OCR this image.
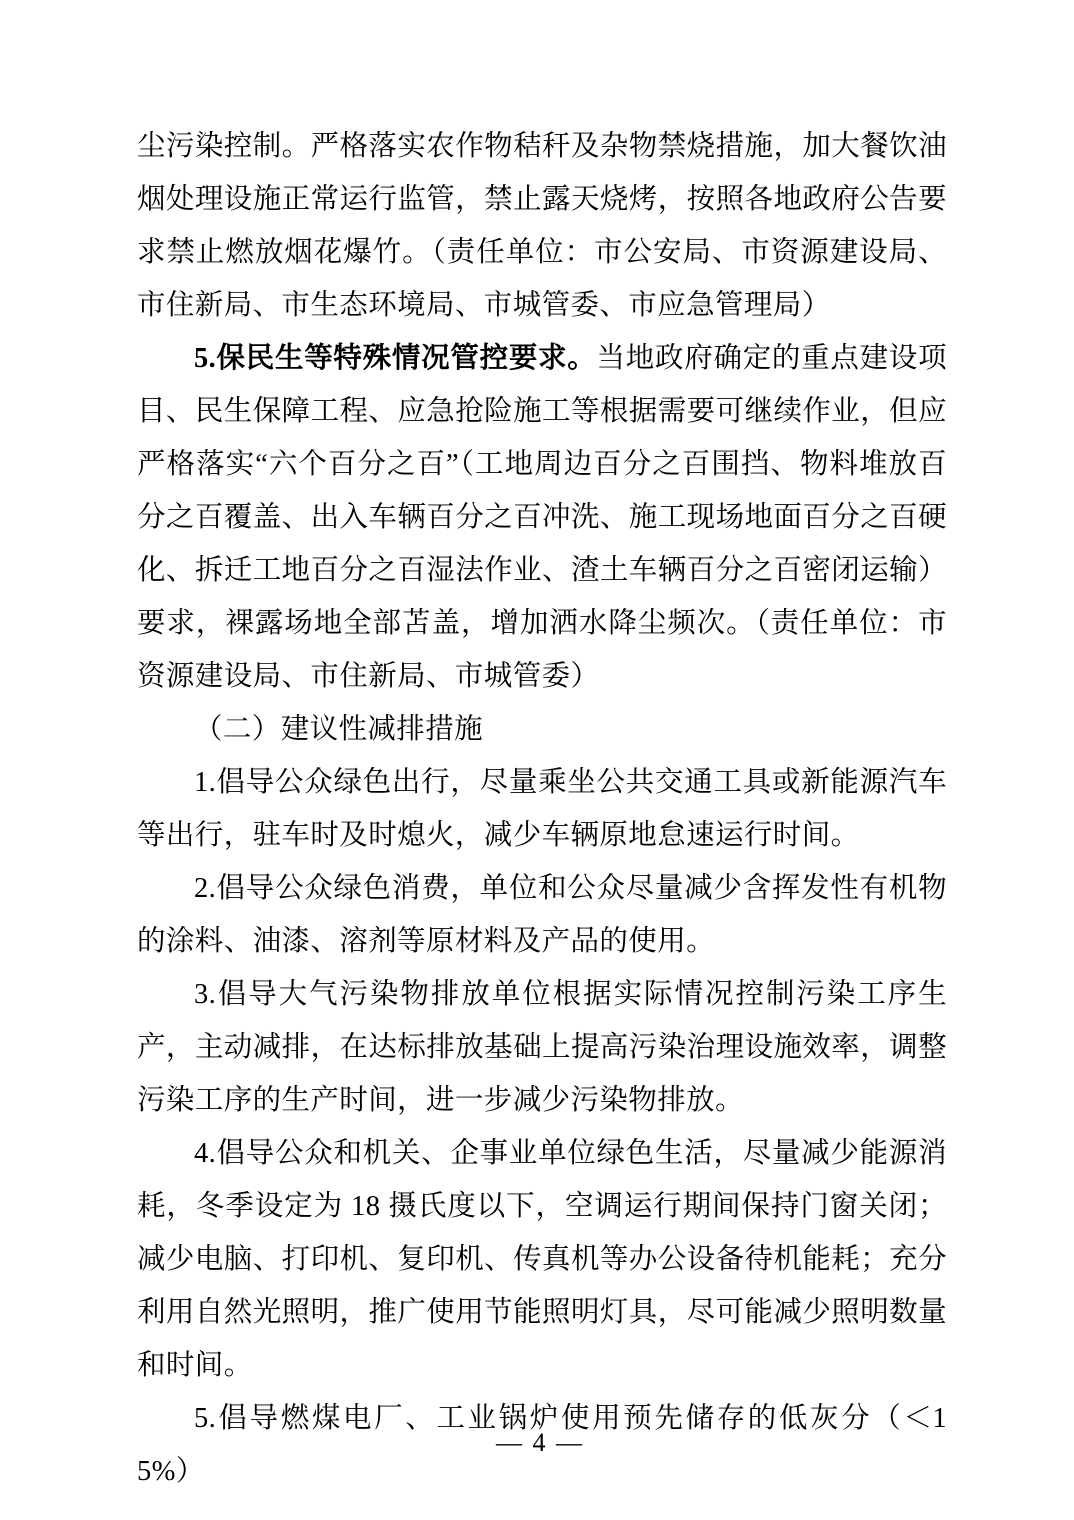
尘污染控制。严格落实农作物秸秆及杂物禁烧措施，加大餐饮油烟处理设施正常运行监管，禁止露天烧烤，按照各地政府公告要求禁止燃放烟花爆竹。（责任单位：市公安局、市资源建设局、市住新局、市生态环境局、市城管委、市应急管理局）

5.保民生等特殊情况管控要求。当地政府确定的重点建设项目、民生保障工程、应急抢险施工等根据需要可继续作业，但应严格落实“六个百分之百”（工地周边百分之百围挡、物料堆放百分之百覆盖、出入车辆百分之百冲洗、施工现场地面百分之百硬化、拆迁工地百分之百湿法作业、渣土车辆百分之百密闭运输）要求，裸露场地全部苫盖，增加洒水降尘频次。（责任单位：市资源建设局、市住新局、市城管委）

（二）建议性减排措施

1.倡导公众绿色出行，尽量乘坐公共交通工具或新能源汽车等出行，驻车时及时熄火，减少车辆原地怠速运行时间。

2.倡导公众绿色消费，单位和公众尽量减少含挥发性有机物的涂料、油漆、溶剂等原材料及产品的使用。

3.倡导大气污染物排放单位根据实际情况控制污染工序生产，主动减排，在达标排放基础上提高污染治理设施效率，调整污染工序的生产时间，进一步减少污染物排放。

4.倡导公众和机关、企事业单位绿色生活，尽量减少能源消耗，冬季设定为 18 摄氏度以下，空调运行期间保持门窗关闭；减少电脑、打印机、复印机、传真机等办公设备待机能耗；充分利用自然光照明，推广使用节能照明灯具，尽可能减少照明数量和时间。

5.倡导燃煤电厂、工业锅炉使用预先储存的低灰分（＜15%）

— 4 —
